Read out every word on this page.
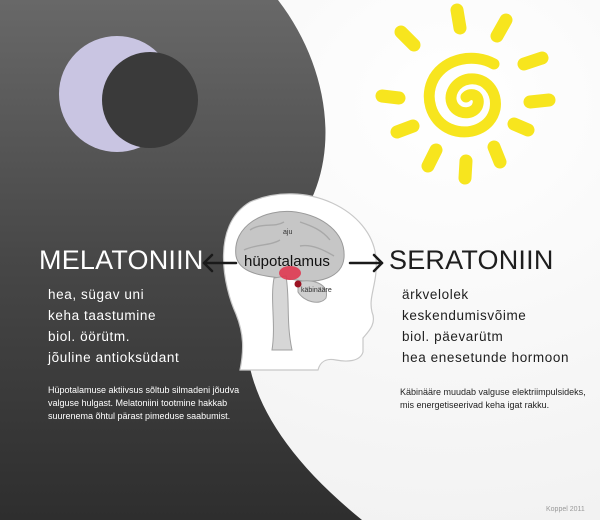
MELATONIIN
hea, sügav uni
keha taastumine
biol. öörütm.
jõuline antioksüdant
Hüpotalamuse aktiivsus sõltub silmadeni jõudva valguse hulgast. Melatoniini tootmine hakkab suurenema õhtul pärast pimeduse saabumist.
SERATONIIN
ärkvelolek
keskendumisvõime
biol. päevarütm
hea enesetunde hormoon
Käbinääre muudab valguse elektriimpulsideks, mis energetiseerivad keha igat rakku.
hüpotalamus
aju
käbinääre
Koppel 2011
